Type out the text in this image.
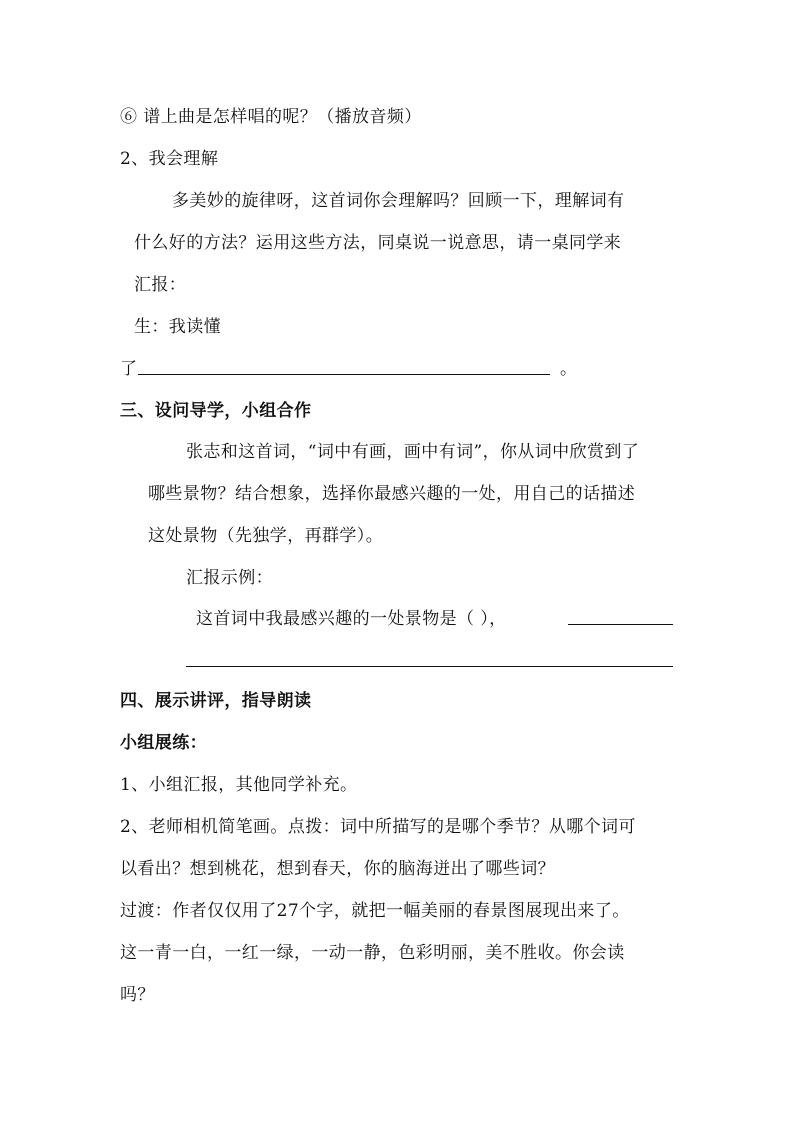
⑥ 谱上曲是怎样唱的呢？（播放音频）
2、我会理解
多美妙的旋律呀，这首词你会理解吗？回顾一下，理解词有
什么好的方法？运用这些方法，同桌说一说意思，请一桌同学来
汇报：
生：我读懂
了	。
三、设问导学，小组合作
张志和这首词，“词中有画，画中有词”，你从词中欣赏到了
哪些景物？结合想象，选择你最感兴趣的一处，用自己的话描述
这处景物（先独学，再群学）。
汇报示例：
这首词中我最感兴趣的一处景物是（ ），
四、展示讲评，指导朗读
小组展练：
1、小组汇报，其他同学补充。
2、老师相机简笔画。点拨：词中所描写的是哪个季节？从哪个词可
以看出？想到桃花，想到春天，你的脑海迸出了哪些词？
过渡：作者仅仅用了27个字，就把一幅美丽的春景图展现出来了。
这一青一白，一红一绿，一动一静，色彩明丽，美不胜收。你会读
吗？
